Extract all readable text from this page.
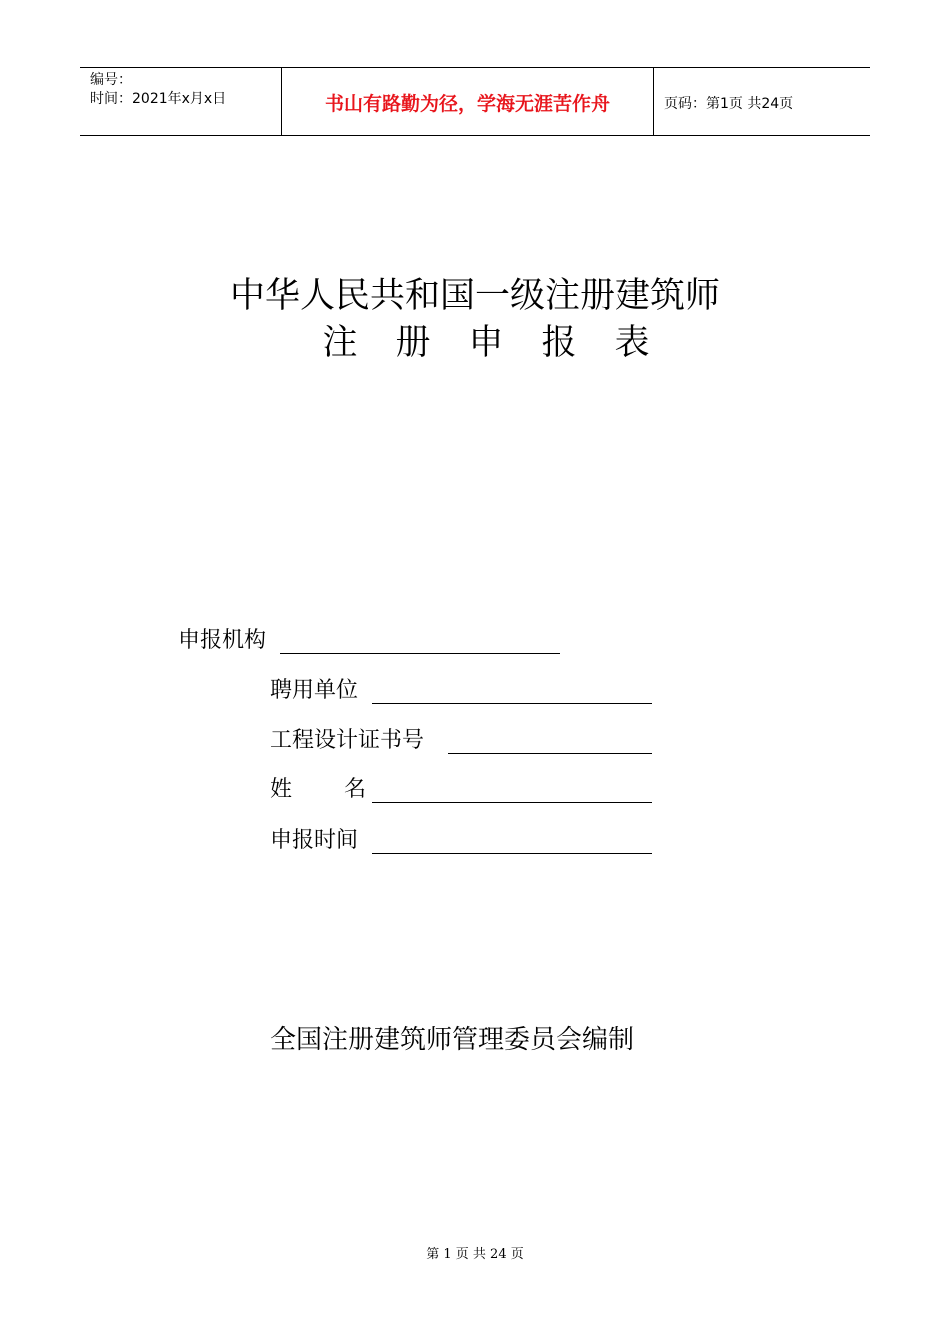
编号：
时间：2021年x月x日	书山有路勤为径，学海无涯苦作舟	页码：第1页 共24页
中华人民共和国一级注册建筑师
注 册 申 报 表
申报机构
聘用单位
工程设计证书号
姓 名
申报时间
全国注册建筑师管理委员会编制
第 1 页 共 24 页
